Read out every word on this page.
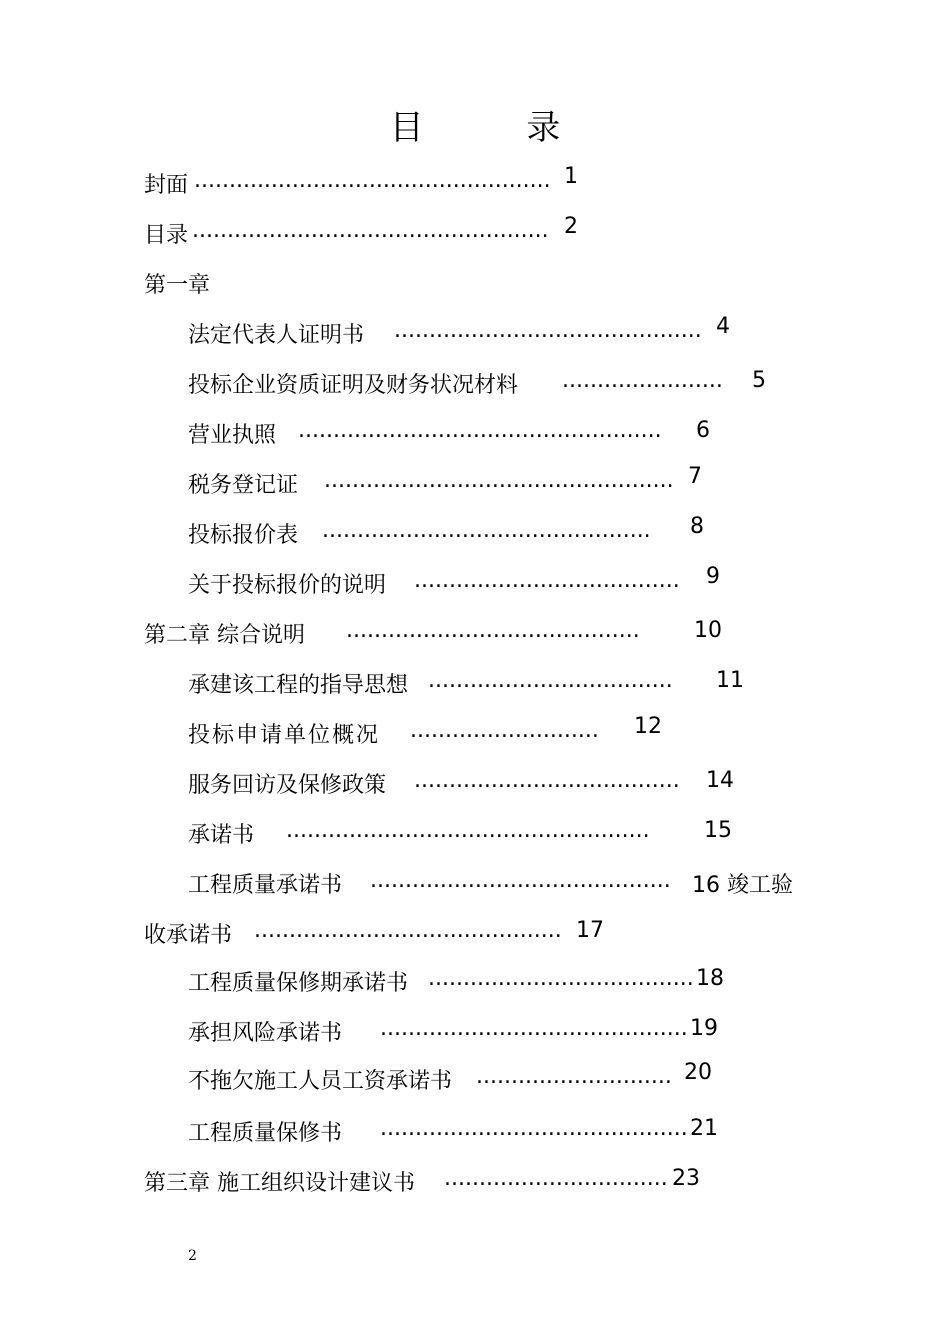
目 录
封面 ................................................... 1
目录 ................................................... 2
第一章
法定代表人证明书 ............................................ 4
投标企业资质证明及财务状况材料 ....................... 5
营业执照 .................................................... 6
税务登记证 .................................................. 7
投标报价表 ............................................... 8
关于投标报价的说明 ...................................... 9
第二章 综合说明 .......................................... 10
承建该工程的指导思想 ................................... 11
投标申请单位概况 ........................... 12
服务回访及保修政策 ...................................... 14
承诺书 .................................................... 15
工程质量承诺书 ........................................... 16 竣工验
收承诺书 ............................................ 17
工程质量保修期承诺书 ...................................... 18
承担风险承诺书 ............................................ 19
不拖欠施工人员工资承诺书 ............................ 20
工程质量保修书 ............................................ 21
第三章 施工组织设计建议书 ................................ 23
2
